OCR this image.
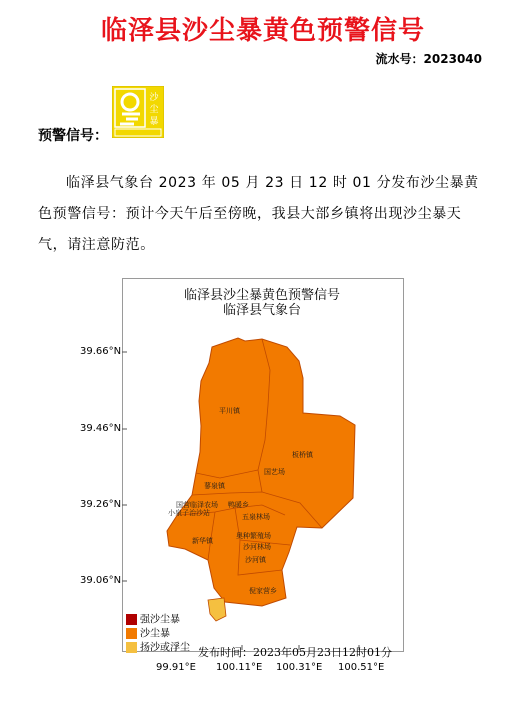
临泽县沙尘暴黄色预警信号
流水号：2023040
预警信号：
沙
尘
暴
临泽县气象台 2023 年 05 月 23 日 12 时 01 分发布沙尘暴黄色预警信号：预计今天午后至傍晚，我县大部乡镇将出现沙尘暴天气，请注意防范。
临泽县沙尘暴黄色预警信号
临泽县气象台
平川镇
板桥镇
国艺场
蓼泉镇
国营临泽农场
小泉子治沙站
鸭暖乡
五泉林场
新华镇
奥种繁殖场
沙河林场
沙河镇
倪家营乡
39.66°N
39.46°N
39.26°N
39.06°N
99.91°E 100.11°E 100.31°E 100.51°E
强沙尘暴
沙尘暴
扬沙或浮尘 发布时间：2023年05月23日12时01分
